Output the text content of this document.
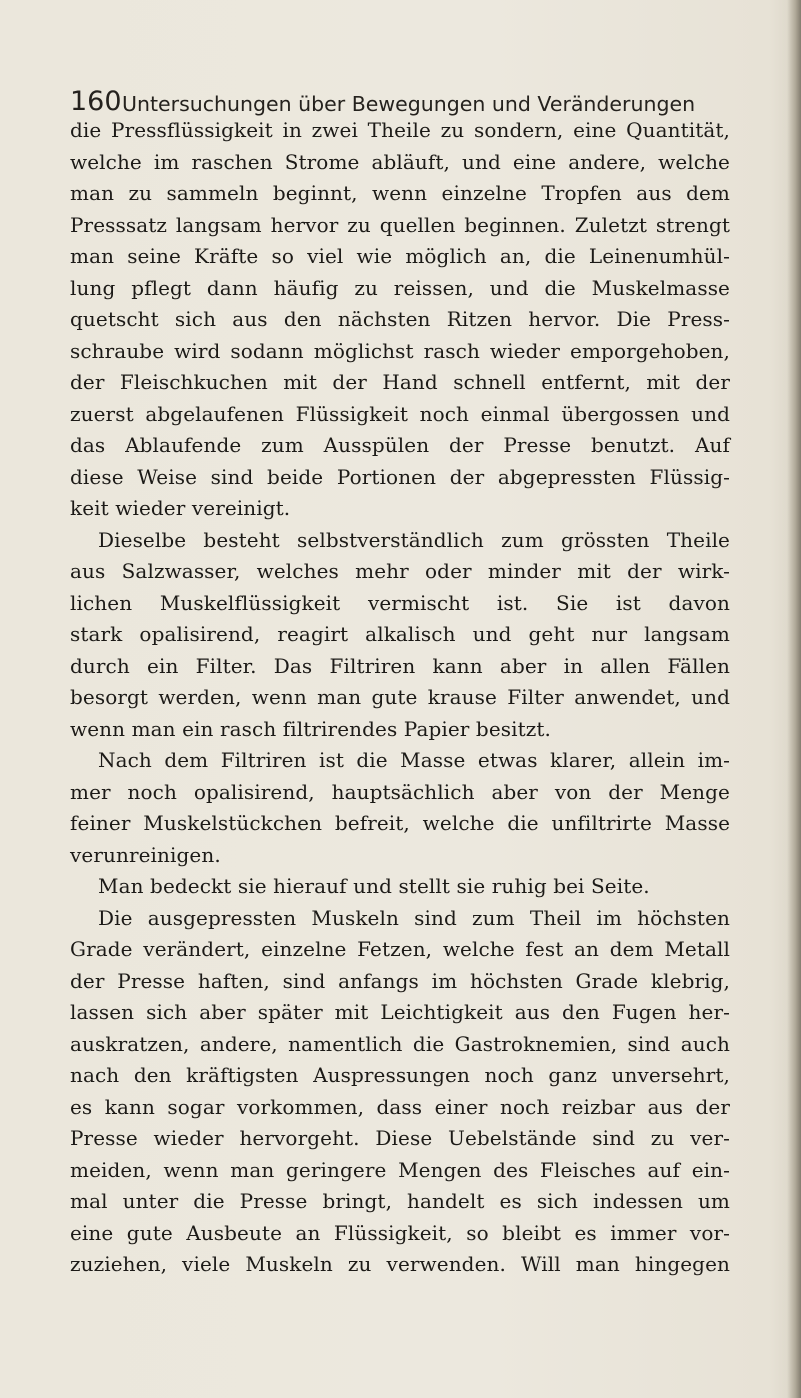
160 Untersuchungen über Bewegungen und Veränderungen
die Pressflüssigkeit in zwei Theile zu sondern, eine Quantität,
welche im raschen Strome abläuft, und eine andere, welche
man zu sammeln beginnt, wenn einzelne Tropfen aus dem
Presssatz langsam hervor zu quellen beginnen. Zuletzt strengt
man seine Kräfte so viel wie möglich an, die Leinenumhül-
lung pflegt dann häufig zu reissen, und die Muskelmasse
quetscht sich aus den nächsten Ritzen hervor. Die Press-
schraube wird sodann möglichst rasch wieder emporgehoben,
der Fleischkuchen mit der Hand schnell entfernt, mit der
zuerst abgelaufenen Flüssigkeit noch einmal übergossen und
das Ablaufende zum Ausspülen der Presse benutzt. Auf
diese Weise sind beide Portionen der abgepressten Flüssig-
keit wieder vereinigt.
Dieselbe besteht selbstverständlich zum grössten Theile
aus Salzwasser, welches mehr oder minder mit der wirk-
lichen Muskelflüssigkeit vermischt ist. Sie ist davon
stark opalisirend, reagirt alkalisch und geht nur langsam
durch ein Filter. Das Filtriren kann aber in allen Fällen
besorgt werden, wenn man gute krause Filter anwendet, und
wenn man ein rasch filtrirendes Papier besitzt.
Nach dem Filtriren ist die Masse etwas klarer, allein im-
mer noch opalisirend, hauptsächlich aber von der Menge
feiner Muskelstückchen befreit, welche die unfiltrirte Masse
verunreinigen.
Man bedeckt sie hierauf und stellt sie ruhig bei Seite.
Die ausgepressten Muskeln sind zum Theil im höchsten
Grade verändert, einzelne Fetzen, welche fest an dem Metall
der Presse haften, sind anfangs im höchsten Grade klebrig,
lassen sich aber später mit Leichtigkeit aus den Fugen her-
auskratzen, andere, namentlich die Gastroknemien, sind auch
nach den kräftigsten Auspressungen noch ganz unversehrt,
es kann sogar vorkommen, dass einer noch reizbar aus der
Presse wieder hervorgeht. Diese Uebelstände sind zu ver-
meiden, wenn man geringere Mengen des Fleisches auf ein-
mal unter die Presse bringt, handelt es sich indessen um
eine gute Ausbeute an Flüssigkeit, so bleibt es immer vor-
zuziehen, viele Muskeln zu verwenden. Will man hingegen
